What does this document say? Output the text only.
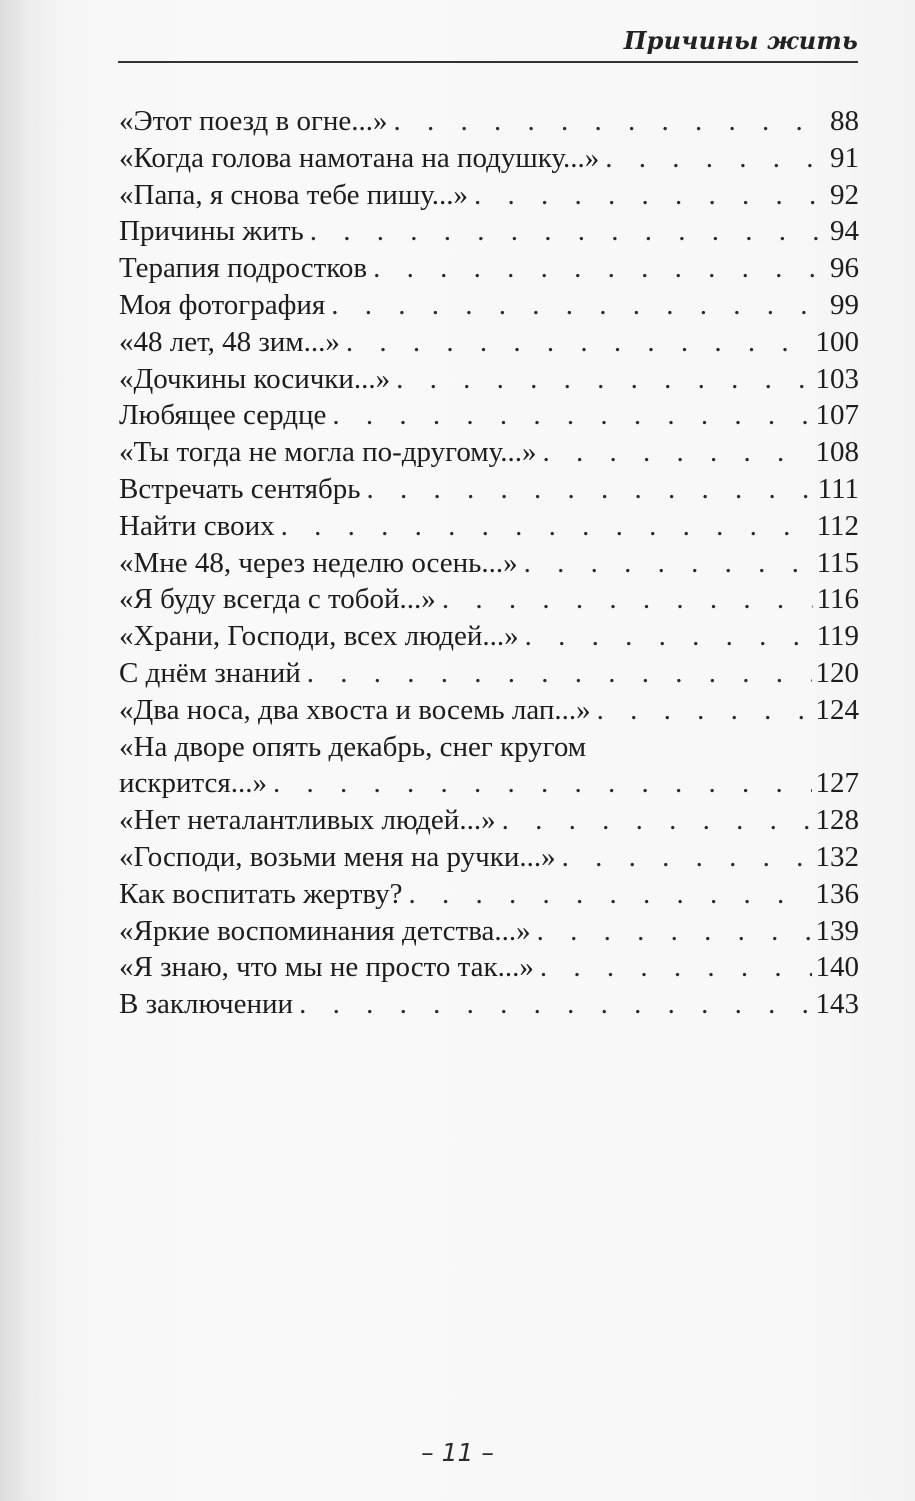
Причины жить
«Этот поезд в огне...» . . .	88
«Когда голова намотана на подушку...» . . .	91
«Папа, я снова тебе пишу...» . . .	92
Причины жить . . .	94
Терапия подростков . . .	96
Моя фотография . . .	99
«48 лет, 48 зим...» . . .	100
«Дочкины косички...» . . .	103
Любящее сердце . . .	107
«Ты тогда не могла по-другому...» . . .	108
Встречать сентябрь . . .	111
Найти своих . . .	112
«Мне 48, через неделю осень...» . . .	115
«Я буду всегда с тобой...» . . .	116
«Храни, Господи, всех людей...» . . .	119
С днём знаний . . .	120
«Два носа, два хвоста и восемь лап...» . . .	124
«На дворе опять декабрь, снег кругом
искрится...» . . .	127
«Нет неталантливых людей...» . . .	128
«Господи, возьми меня на ручки...» . . .	132
Как воспитать жертву? . . .	136
«Яркие воспоминания детства...» . . .	139
«Я знаю, что мы не просто так...» . . .	140
В заключении . . .	143
– 11 –
